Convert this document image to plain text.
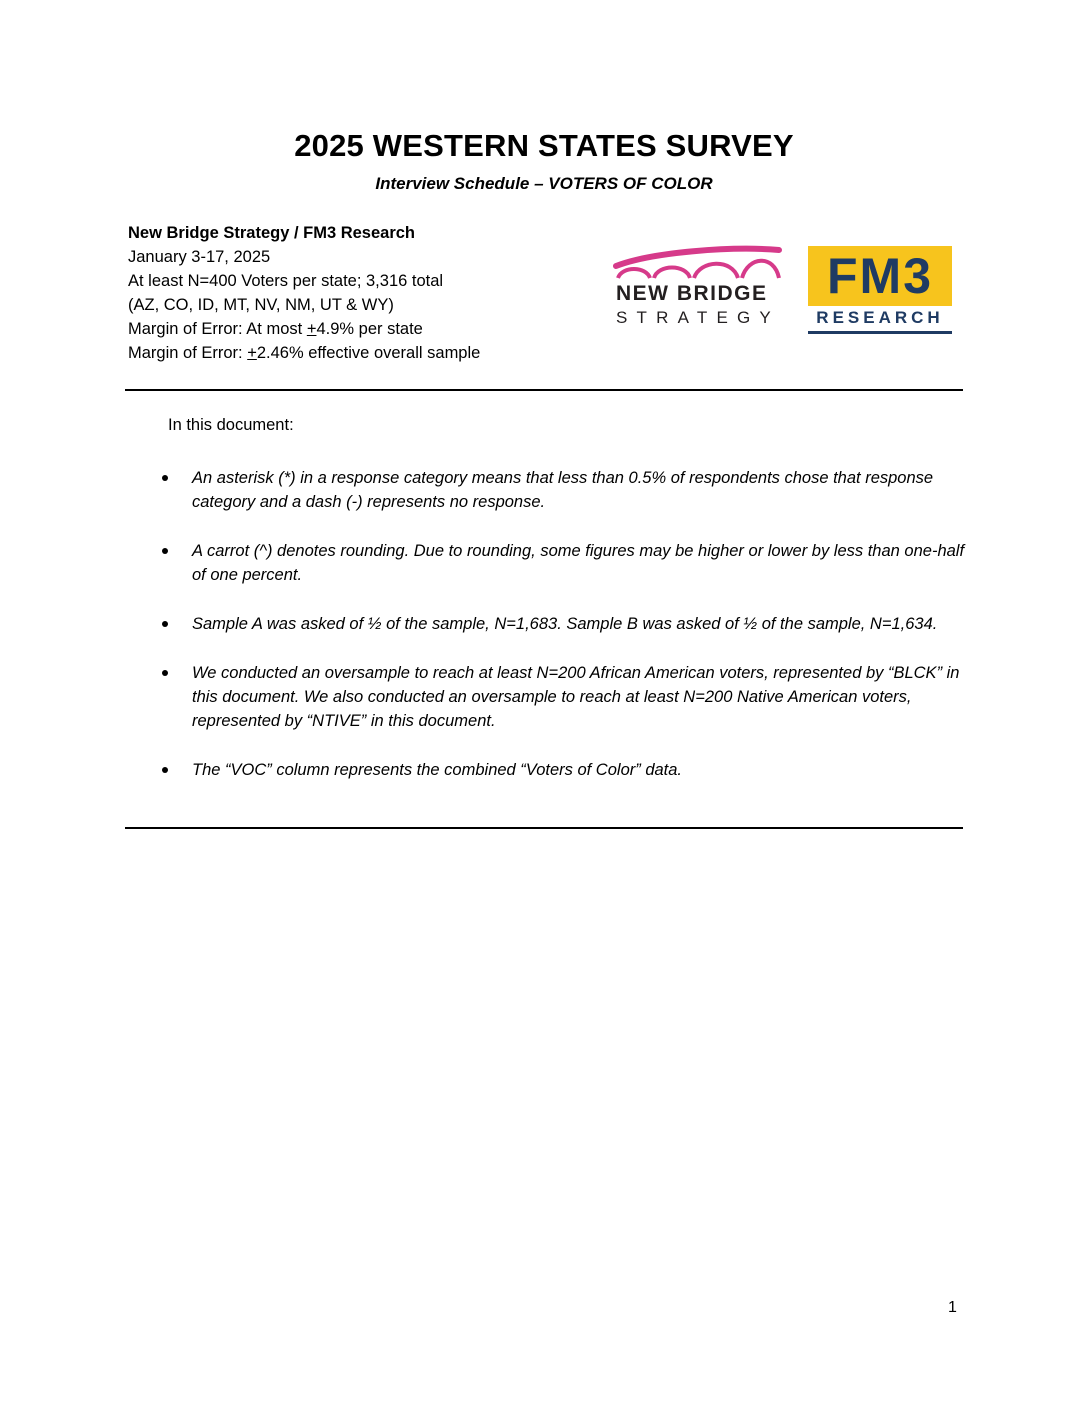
2025 WESTERN STATES SURVEY
Interview Schedule – VOTERS OF COLOR
New Bridge Strategy / FM3 Research
January 3-17, 2025
At least N=400 Voters per state; 3,316 total
(AZ, CO, ID, MT, NV, NM, UT & WY)
Margin of Error: At most +4.9% per state
Margin of Error: +2.46% effective overall sample
NEW BRIDGE
STRATEGY
FM3
RESEARCH
In this document:
An asterisk (*) in a response category means that less than 0.5% of respondents chose that response category and a dash (-) represents no response.
A carrot (^) denotes rounding. Due to rounding, some figures may be higher or lower by less than one-half of one percent.
Sample A was asked of ½ of the sample, N=1,683. Sample B was asked of ½ of the sample, N=1,634.
We conducted an oversample to reach at least N=200 African American voters, represented by “BLCK” in this document. We also conducted an oversample to reach at least N=200 Native American voters, represented by “NTIVE” in this document.
The “VOC” column represents the combined “Voters of Color” data.
1
